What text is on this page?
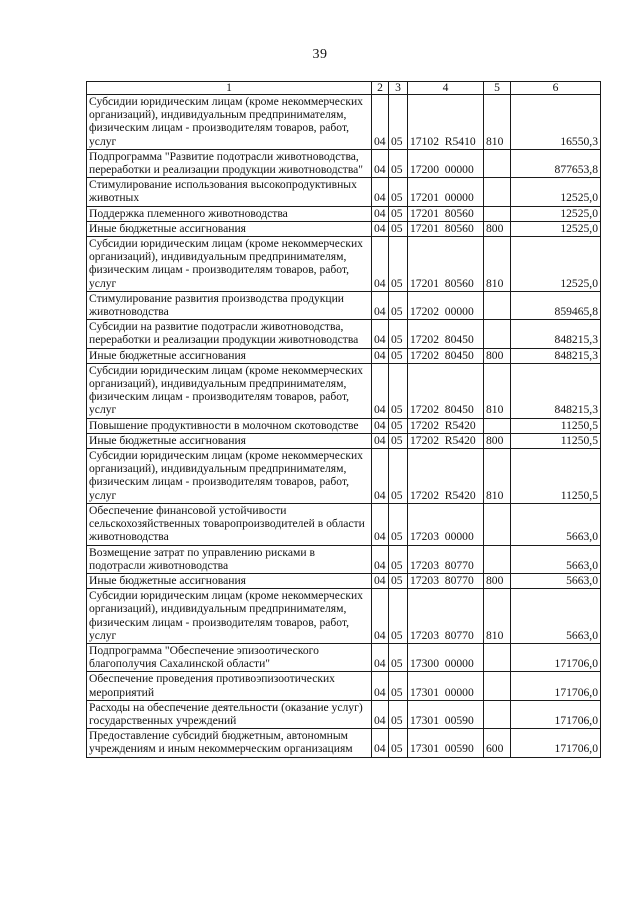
39
1	2	3	4	5	6
Субсидии юридическим лицам (кроме некоммерческих организаций), индивидуальным предпринимателям, физическим лицам - производителям товаров, работ, услуг	04	05	17102  R5410	810	16550,3
Подпрограмма "Развитие подотрасли животноводства, переработки и реализации продукции животноводства"	04	05	17200  00000		877653,8
Стимулирование использования высокопродуктивных животных	04	05	17201  00000		12525,0
Поддержка племенного животноводства	04	05	17201  80560		12525,0
Иные бюджетные ассигнования	04	05	17201  80560	800	12525,0
Субсидии юридическим лицам (кроме некоммерческих организаций), индивидуальным предпринимателям, физическим лицам - производителям товаров, работ, услуг	04	05	17201  80560	810	12525,0
Стимулирование развития производства продукции животноводства	04	05	17202  00000		859465,8
Субсидии на развитие подотрасли животноводства, переработки и реализации продукции животноводства	04	05	17202  80450		848215,3
Иные бюджетные ассигнования	04	05	17202  80450	800	848215,3
Субсидии юридическим лицам (кроме некоммерческих организаций), индивидуальным предпринимателям, физическим лицам - производителям товаров, работ, услуг	04	05	17202  80450	810	848215,3
Повышение продуктивности в молочном скотоводстве	04	05	17202  R5420		11250,5
Иные бюджетные ассигнования	04	05	17202  R5420	800	11250,5
Субсидии юридическим лицам (кроме некоммерческих организаций), индивидуальным предпринимателям, физическим лицам - производителям товаров, работ, услуг	04	05	17202  R5420	810	11250,5
Обеспечение финансовой устойчивости сельскохозяйственных товаропроизводителей в области животноводства	04	05	17203  00000		5663,0
Возмещение затрат по управлению рисками в подотрасли животноводства	04	05	17203  80770		5663,0
Иные бюджетные ассигнования	04	05	17203  80770	800	5663,0
Субсидии юридическим лицам (кроме некоммерческих организаций), индивидуальным предпринимателям, физическим лицам - производителям товаров, работ, услуг	04	05	17203  80770	810	5663,0
Подпрограмма "Обеспечение эпизоотического благополучия Сахалинской области"	04	05	17300  00000		171706,0
Обеспечение проведения противоэпизоотических мероприятий	04	05	17301  00000		171706,0
Расходы на обеспечение деятельности (оказание услуг) государственных учреждений	04	05	17301  00590		171706,0
Предоставление субсидий бюджетным, автономным учреждениям и иным некоммерческим организациям	04	05	17301  00590	600	171706,0
